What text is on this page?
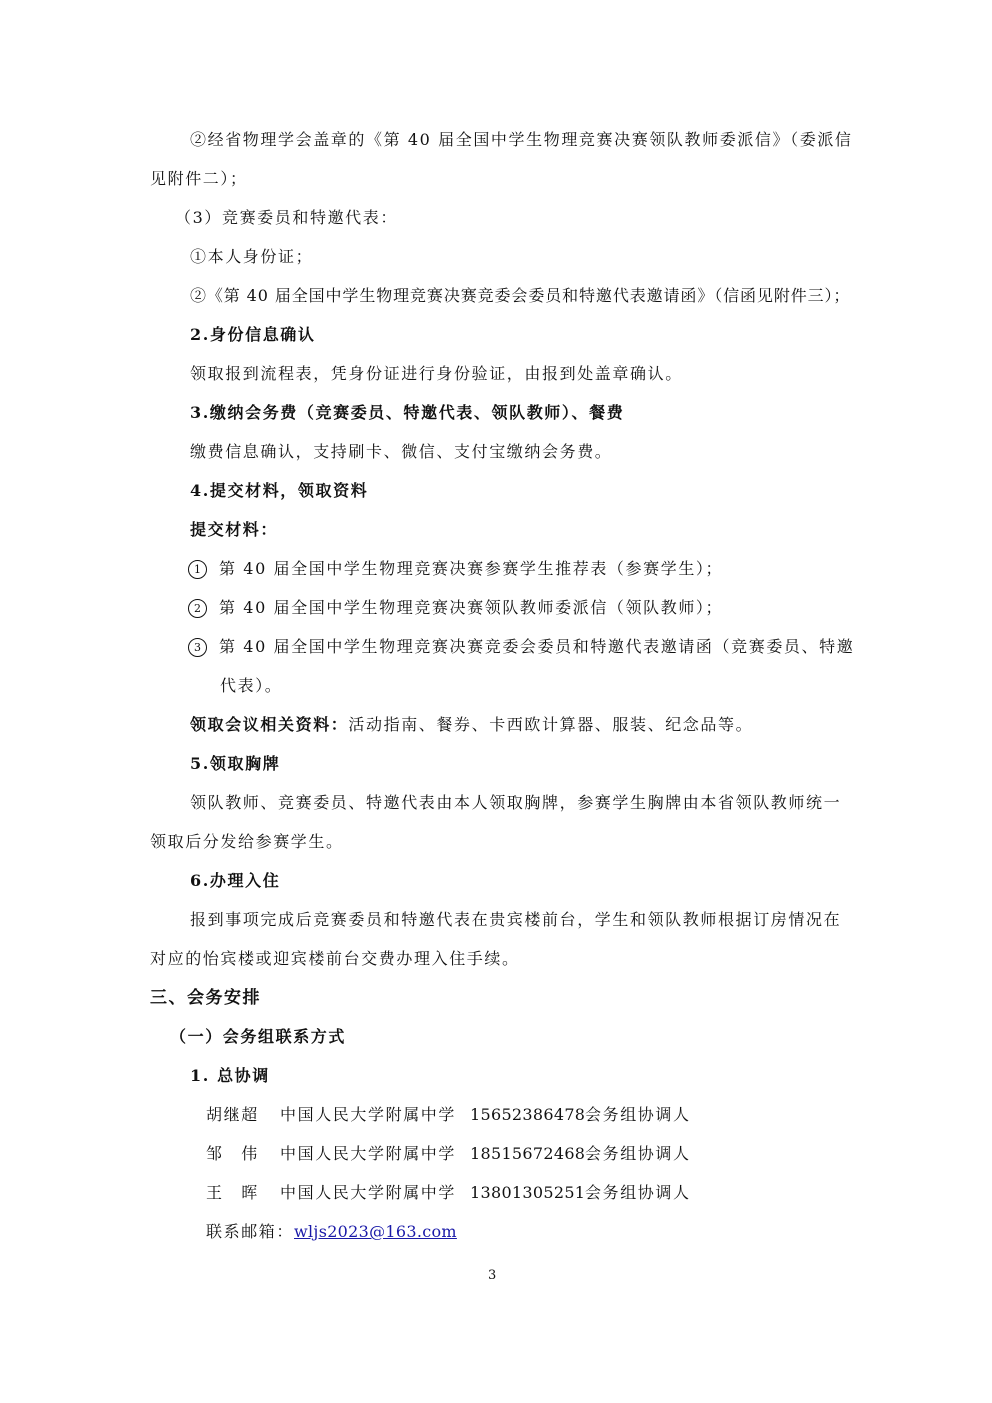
②经省物理学会盖章的《第 40 届全国中学生物理竞赛决赛领队教师委派信》（委派信
见附件二）；
（3）竞赛委员和特邀代表：
①本人身份证；
②《第 40 届全国中学生物理竞赛决赛竞委会委员和特邀代表邀请函》（信函见附件三）；
2.身份信息确认
领取报到流程表，凭身份证进行身份验证，由报到处盖章确认。
3.缴纳会务费（竞赛委员、特邀代表、领队教师）、餐费
缴费信息确认，支持刷卡、微信、支付宝缴纳会务费。
4.提交材料，领取资料
提交材料：
1 第 40 届全国中学生物理竞赛决赛参赛学生推荐表（参赛学生）；
2 第 40 届全国中学生物理竞赛决赛领队教师委派信（领队教师）；
3 第 40 届全国中学生物理竞赛决赛竞委会委员和特邀代表邀请函（竞赛委员、特邀
代表）。
领取会议相关资料：活动指南、餐券、卡西欧计算器、服装、纪念品等。
5.领取胸牌
领队教师、竞赛委员、特邀代表由本人领取胸牌，参赛学生胸牌由本省领队教师统一
领取后分发给参赛学生。
6.办理入住
报到事项完成后竞赛委员和特邀代表在贵宾楼前台，学生和领队教师根据订房情况在
对应的怡宾楼或迎宾楼前台交费办理入住手续。
三、会务安排
（一）会务组联系方式
1. 总协调
胡继超 中国人民大学附属中学 15652386478会务组协调人
邹　伟 中国人民大学附属中学 18515672468会务组协调人
王　晖 中国人民大学附属中学 13801305251会务组协调人
联系邮箱：wljs2023@163.com
3
